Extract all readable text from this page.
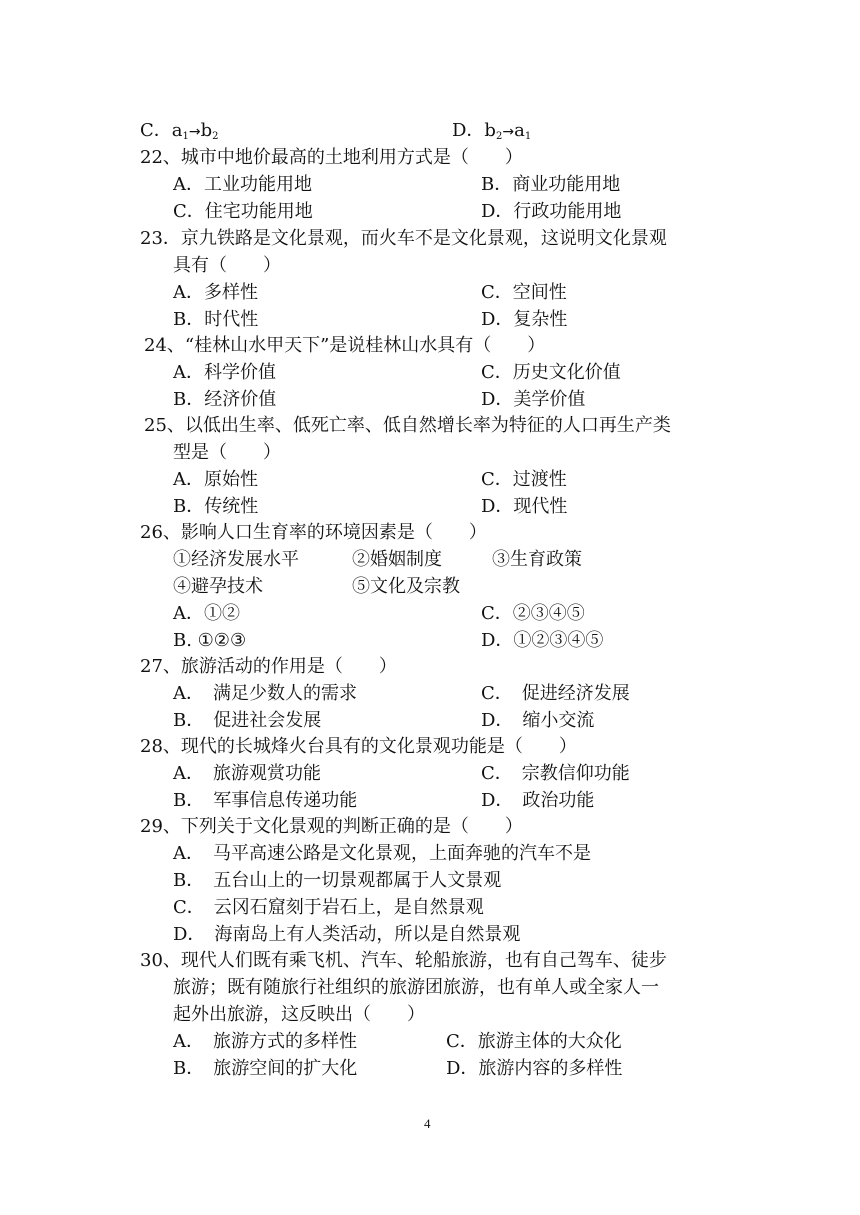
C．$a_1\to b_2$	D．$b_2\to a_1$
22、城市中地价最高的土地利用方式是（　　）
A．工业功能用地	B．商业功能用地
C．住宅功能用地	D．行政功能用地
23．京九铁路是文化景观，而火车不是文化景观，这说明文化景观
具有（　　）
A．多样性	C．空间性
B．时代性	D．复杂性
24、“桂林山水甲天下”是说桂林山水具有（　　）
A．科学价值	C．历史文化价值
B．经济价值	D．美学价值
25、以低出生率、低死亡率、低自然增长率为特征的人口再生产类
型是（　　）
A．原始性	C．过渡性
B．传统性	D．现代性
26、影响人口生育率的环境因素是（　　）
①经济发展水平	②婚姻制度	③生育政策
④避孕技术	⑤文化及宗教
A．①②	C．②③④⑤
B. ①②③	D．①②③④⑤
27、旅游活动的作用是（　　）
A．　满足少数人的需求	C．　促进经济发展
B．　促进社会发展	D．　缩小交流
28、现代的长城烽火台具有的文化景观功能是（　　）
A．　旅游观赏功能	C．　宗教信仰功能
B．　军事信息传递功能	D．　政治功能
29、下列关于文化景观的判断正确的是（　　）
A．　马平高速公路是文化景观，上面奔驰的汽车不是
B．　五台山上的一切景观都属于人文景观
C．　云冈石窟刻于岩石上，是自然景观
D．　海南岛上有人类活动，所以是自然景观
30、现代人们既有乘飞机、汽车、轮船旅游，也有自己驾车、徒步
旅游；既有随旅行社组织的旅游团旅游，也有单人或全家人一
起外出旅游，这反映出（　　）
A．　旅游方式的多样性	C．旅游主体的大众化
B．　旅游空间的扩大化	D．旅游内容的多样性
4
